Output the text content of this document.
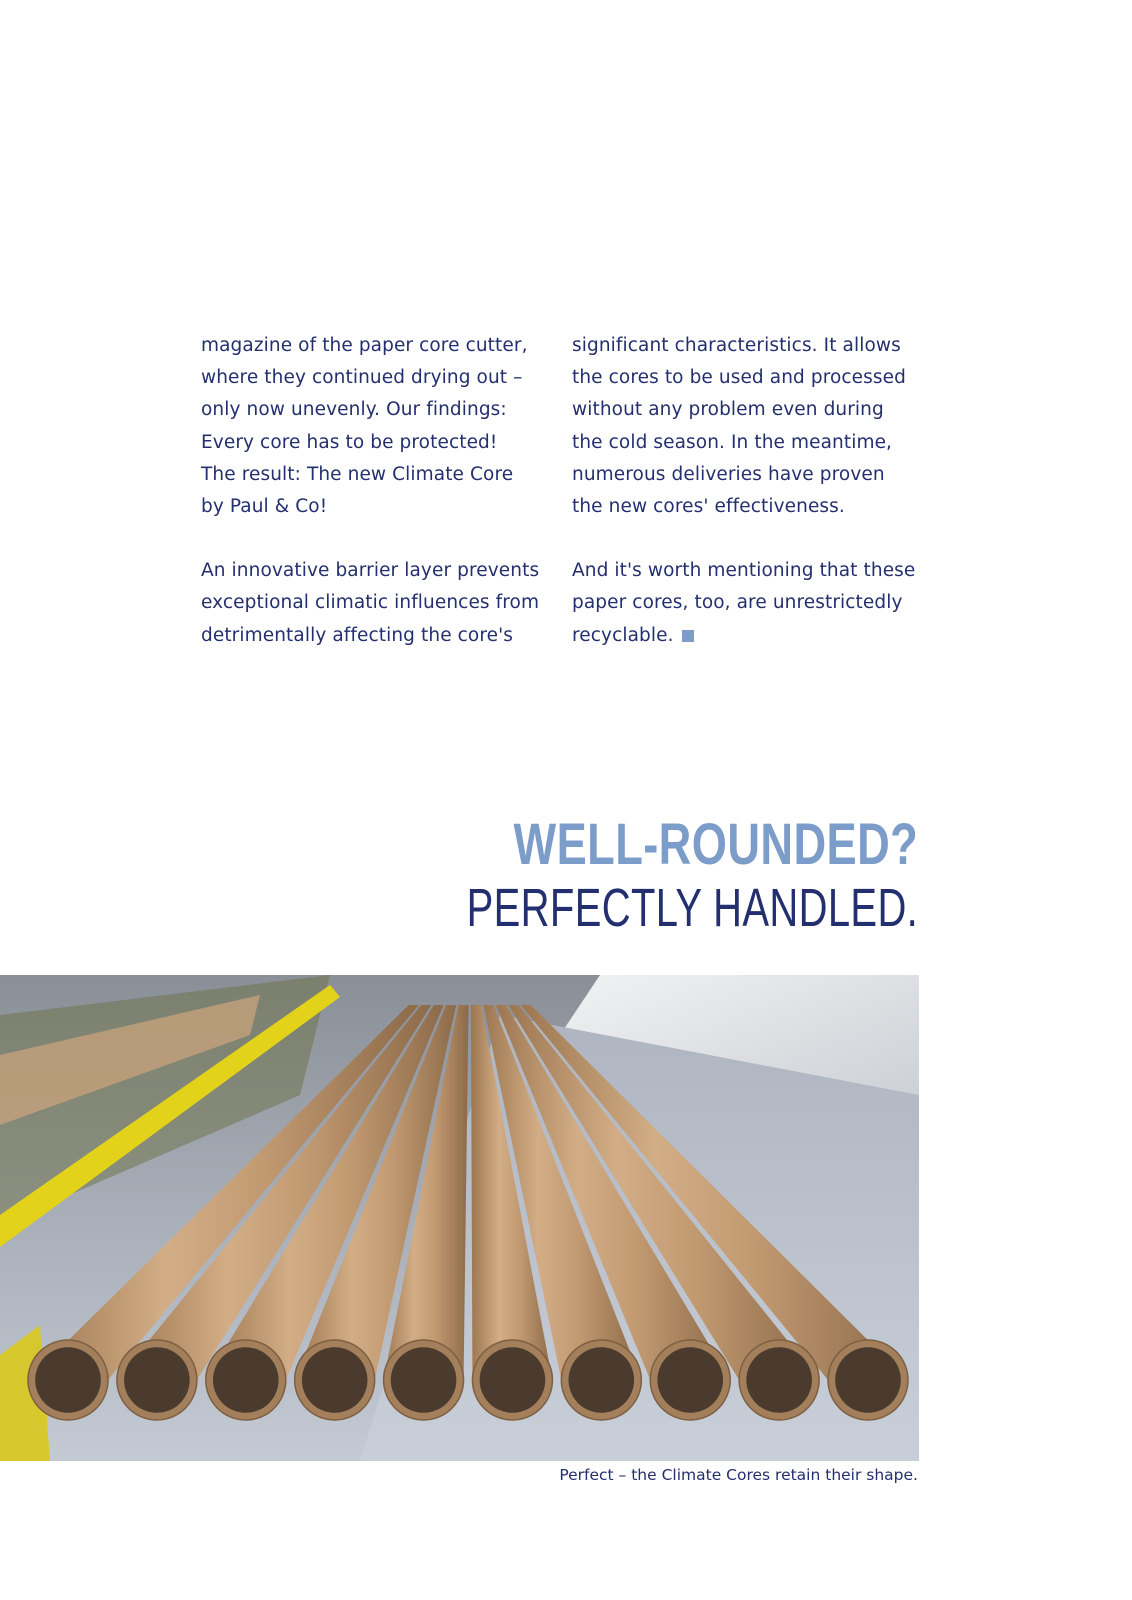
magazine of the paper core cutter,
where they continued drying out –
only now unevenly. Our findings:
Every core has to be protected!
The result: The new Climate Core
by Paul & Co!

An innovative barrier layer prevents
exceptional climatic influences from
detrimentally affecting the core's

significant characteristics. It allows
the cores to be used and processed
without any problem even during
the cold season. In the meantime,
numerous deliveries have proven
the new cores' effectiveness.

And it's worth mentioning that these
paper cores, too, are unrestrictedly
recyclable.

WELL-ROUNDED?
PERFECTLY HANDLED.
Perfect – the Climate Cores retain their shape.
